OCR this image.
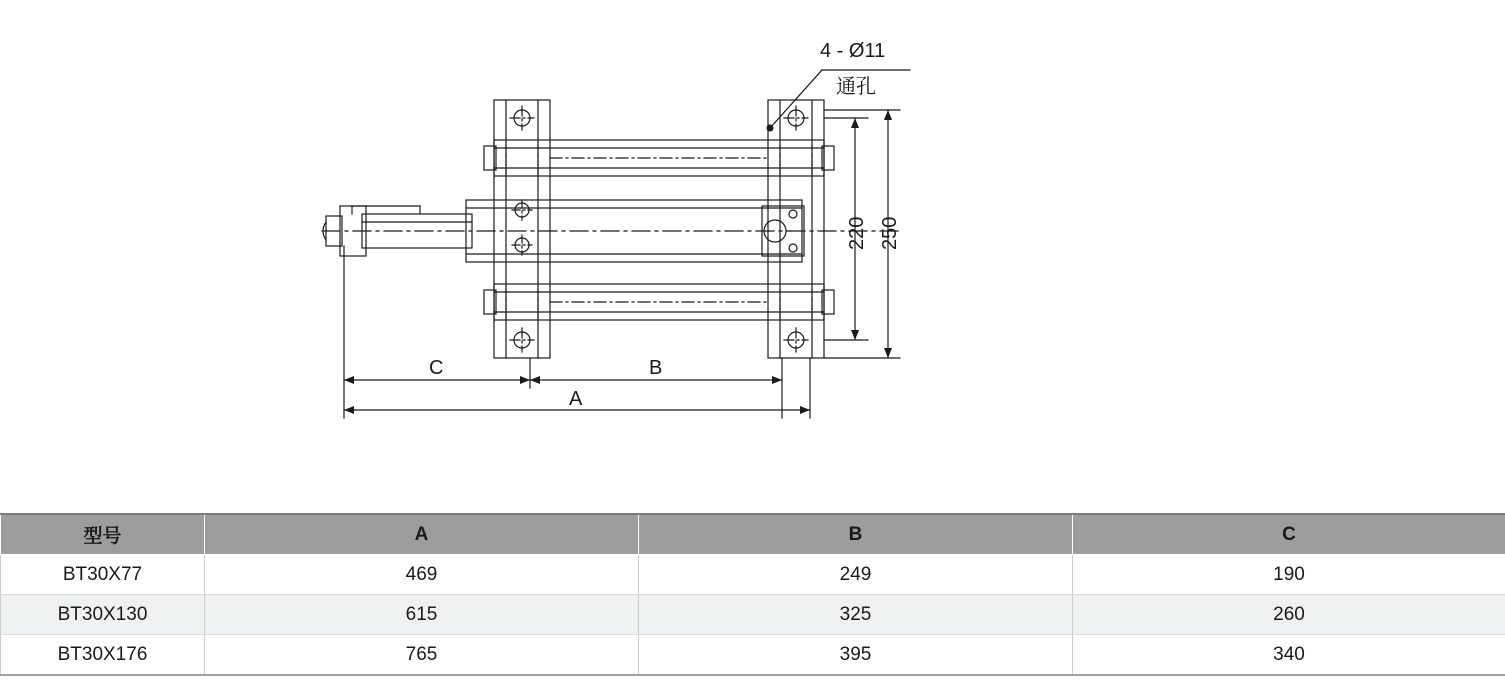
4 - Ø11
通孔
220 250
C	B
A
型号	A	B	C
BT30X77	469	249	190
BT30X130	615	325	260
BT30X176	765	395	340
